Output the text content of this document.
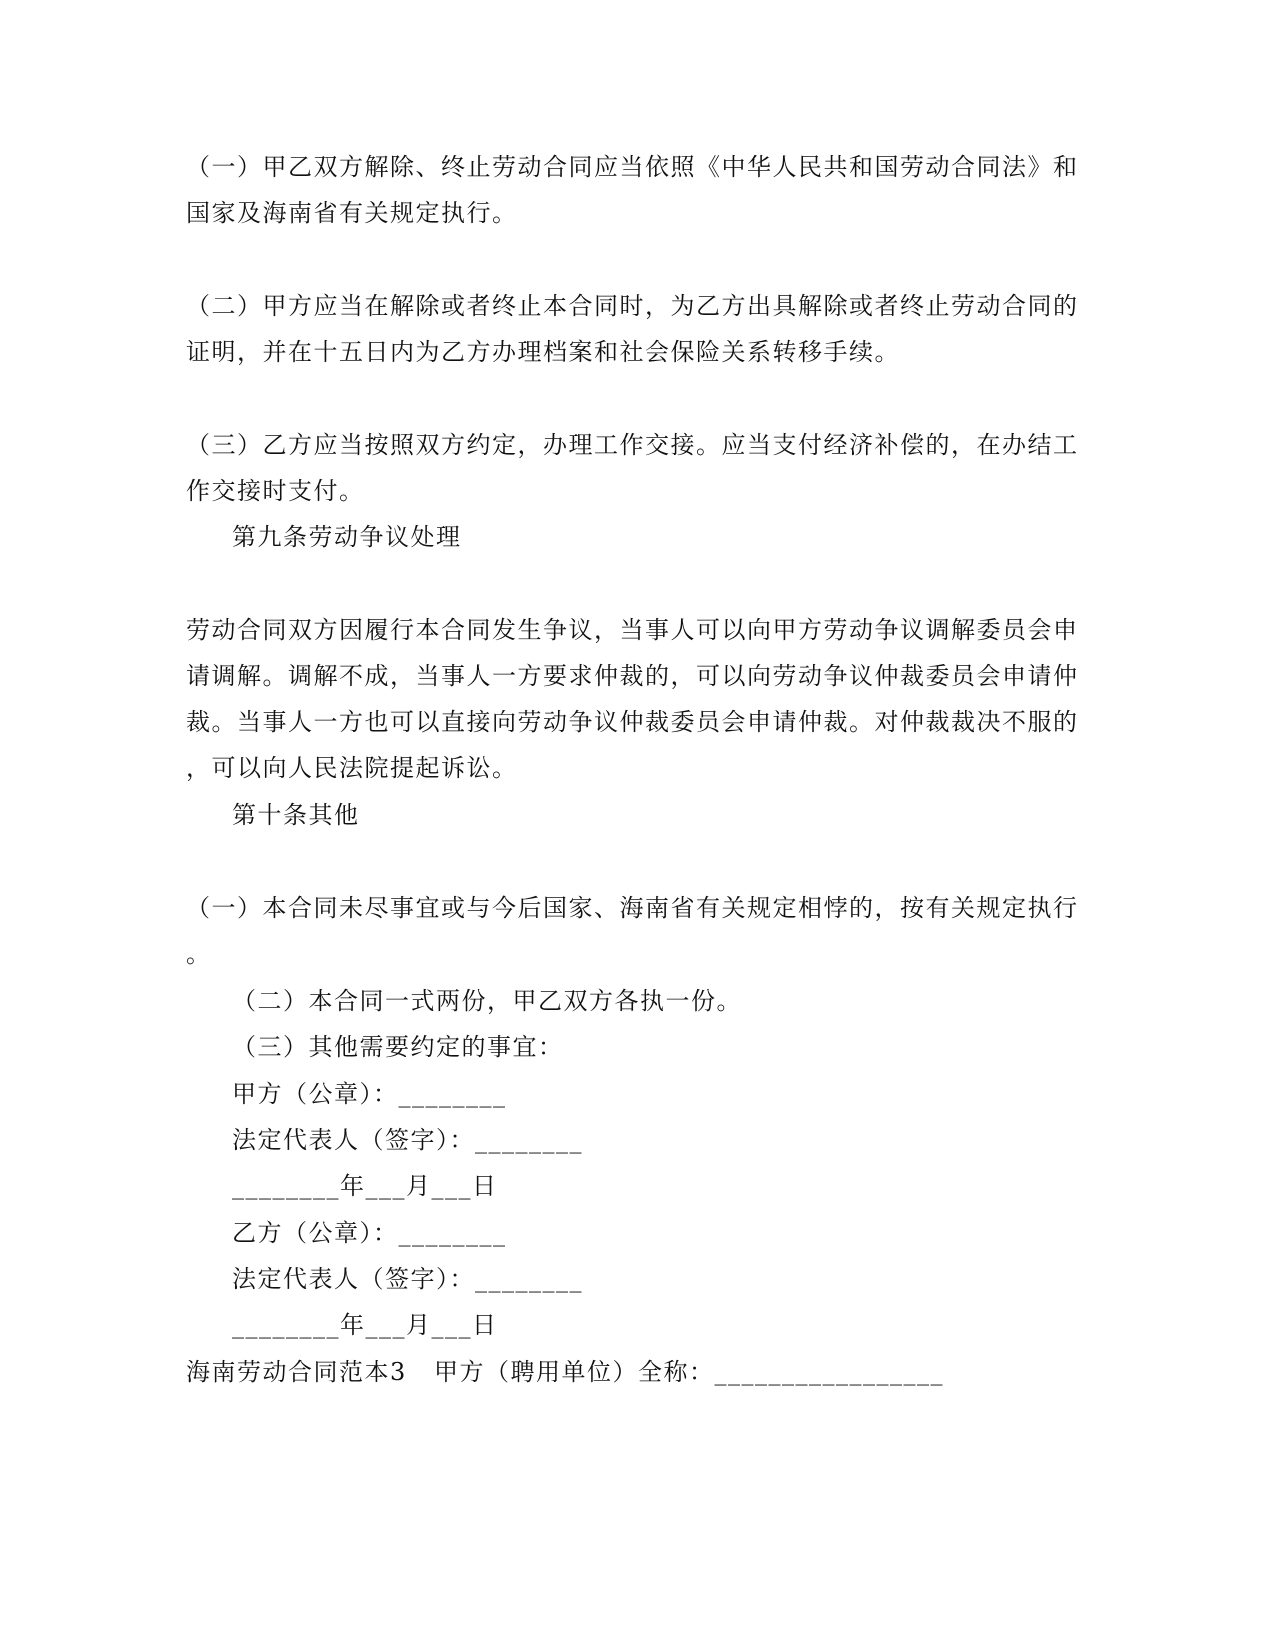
（一）甲乙双方解除、终止劳动合同应当依照《中华人民共和国劳动合同法》和
国家及海南省有关规定执行。
（二）甲方应当在解除或者终止本合同时，为乙方出具解除或者终止劳动合同的
证明，并在十五日内为乙方办理档案和社会保险关系转移手续。
（三）乙方应当按照双方约定，办理工作交接。应当支付经济补偿的，在办结工
作交接时支付。
第九条劳动争议处理
劳动合同双方因履行本合同发生争议，当事人可以向甲方劳动争议调解委员会申
请调解。调解不成，当事人一方要求仲裁的，可以向劳动争议仲裁委员会申请仲
裁。当事人一方也可以直接向劳动争议仲裁委员会申请仲裁。对仲裁裁决不服的
，可以向人民法院提起诉讼。
第十条其他
（一）本合同未尽事宜或与今后国家、海南省有关规定相悖的，按有关规定执行
。
（二）本合同一式两份，甲乙双方各执一份。
（三）其他需要约定的事宜：
甲方（公章）：________
法定代表人（签字）：________
________年___月___日
乙方（公章）：________
法定代表人（签字）：________
________年___月___日
海南劳动合同范本3 甲方（聘用单位）全称：_________________
